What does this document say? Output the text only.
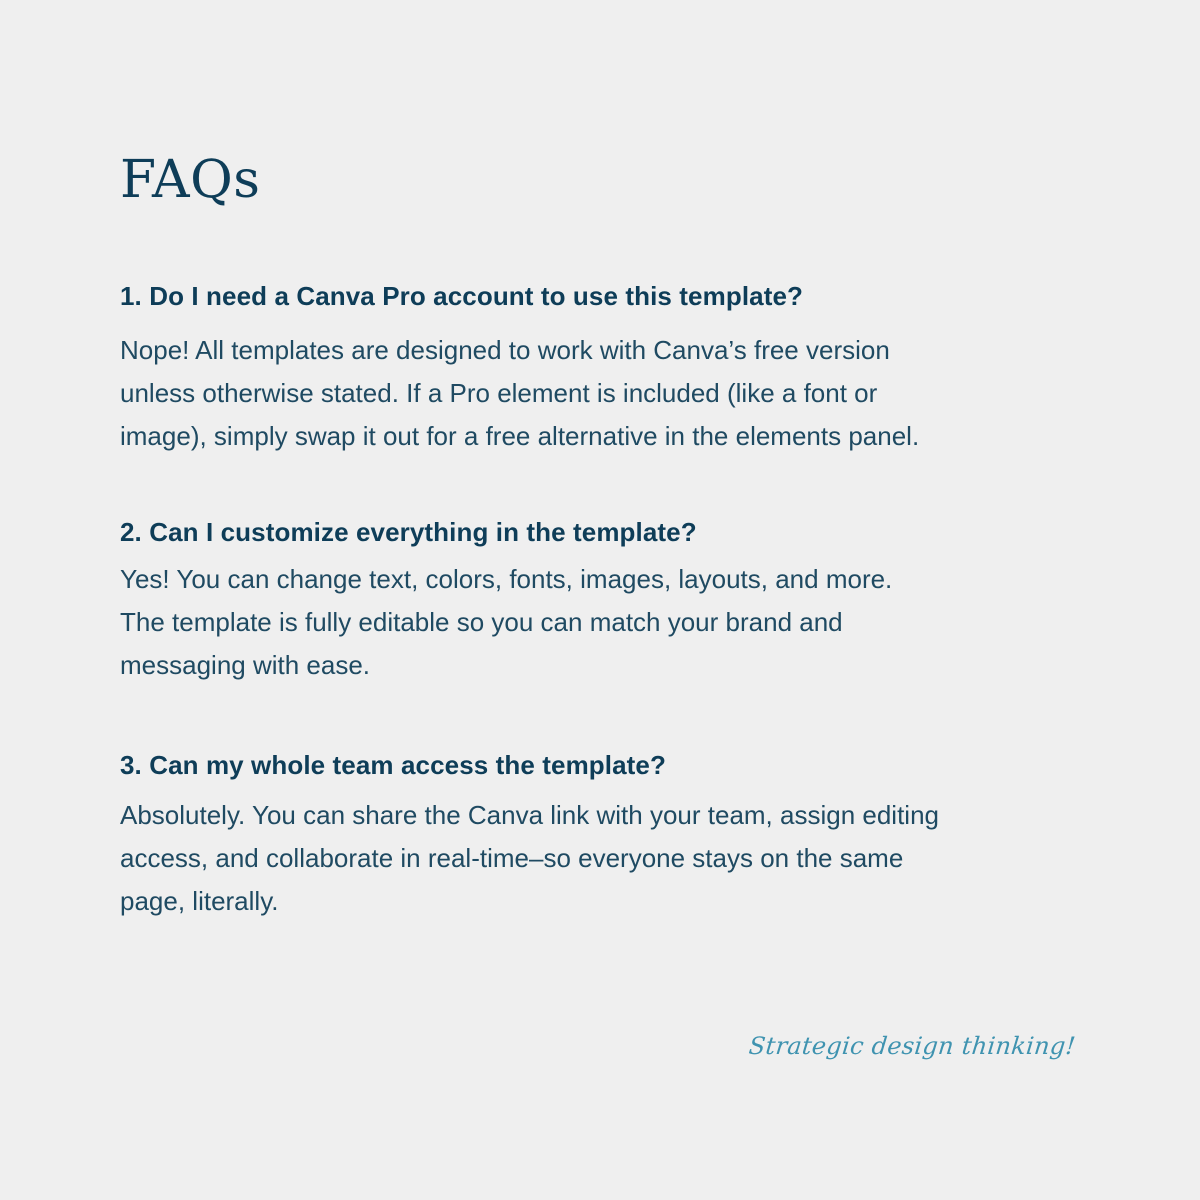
FAQs
1. Do I need a Canva Pro account to use this template?

Nope! All templates are designed to work with Canva’s free version
unless otherwise stated. If a Pro element is included (like a font or
image), simply swap it out for a free alternative in the elements panel.

2. Can I customize everything in the template?

Yes! You can change text, colors, fonts, images, layouts, and more.
The template is fully editable so you can match your brand and
messaging with ease.

3. Can my whole team access the template?

Absolutely. You can share the Canva link with your team, assign editing
access, and collaborate in real-time–so everyone stays on the same
page, literally.

Strategic design thinking!
